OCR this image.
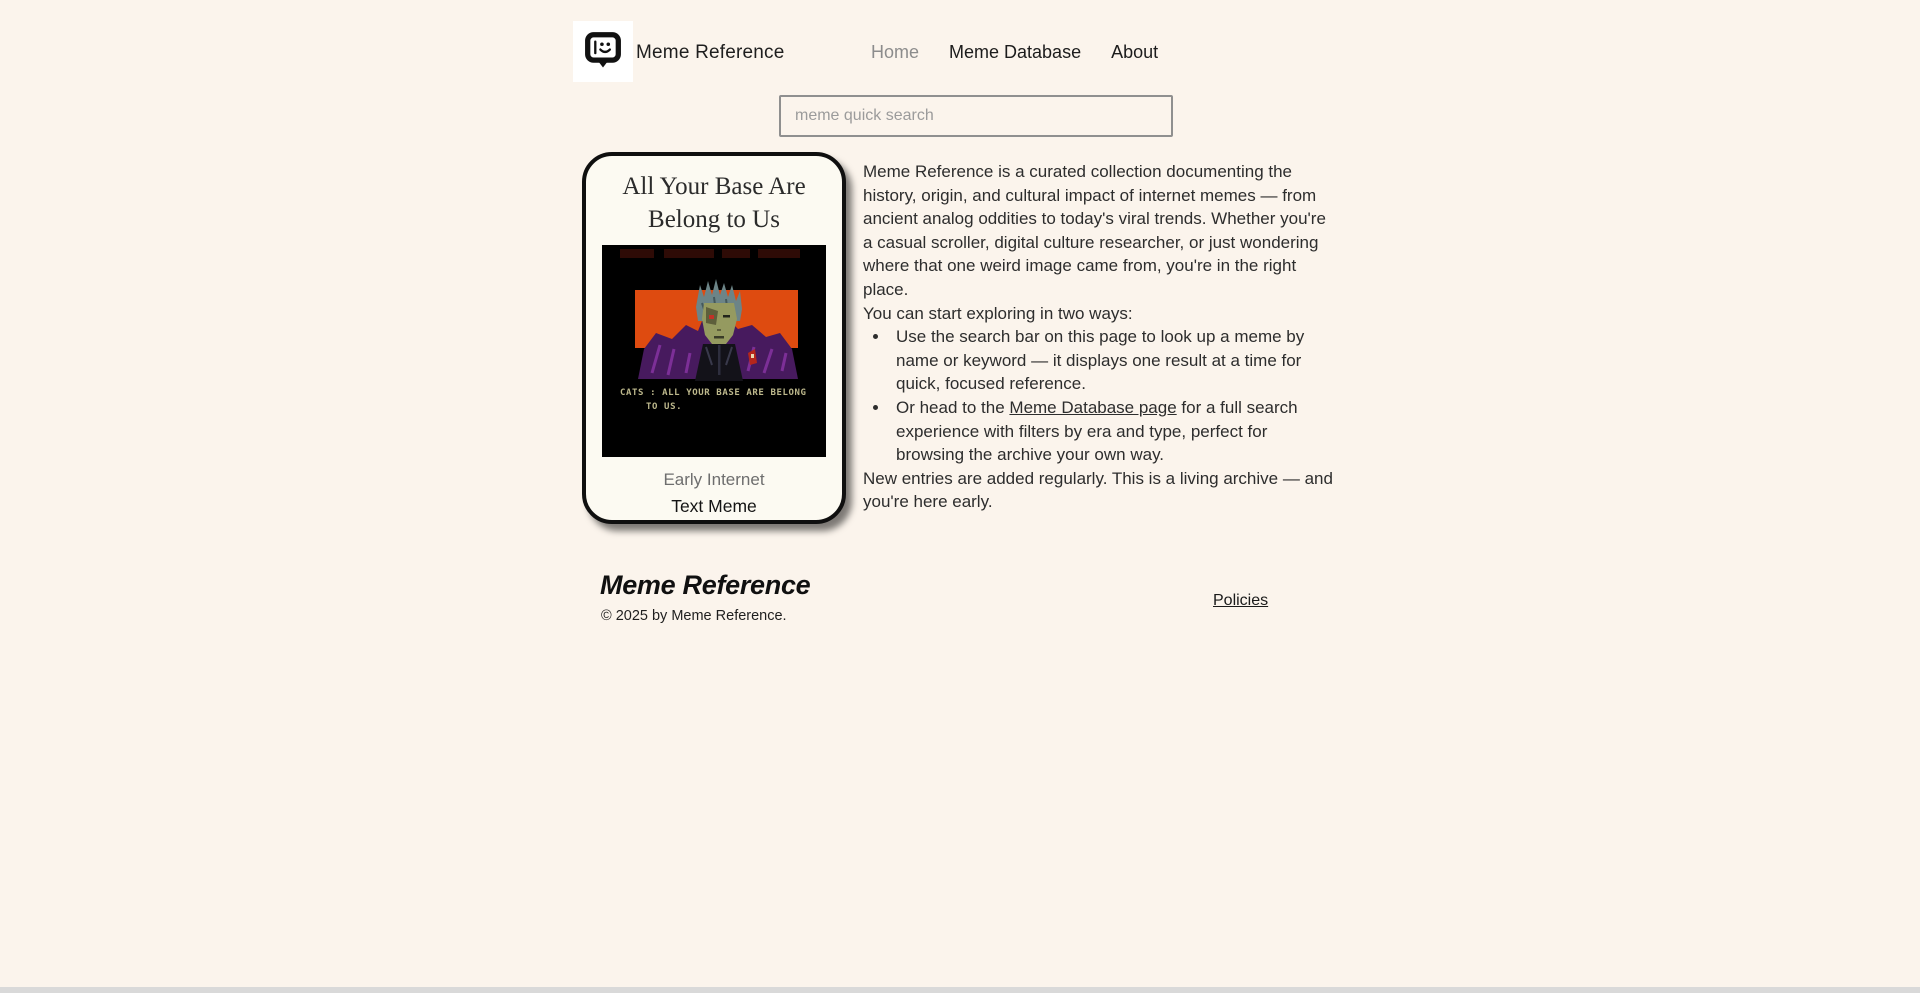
Meme Reference	Home Meme Database About
meme quick search
All Your Base Are Belong to Us
CATS : ALL YOUR BASE ARE BELONG
TO US.
Early Internet
Text Meme
Meme Reference is a curated collection documenting the history, origin, and cultural impact of internet memes — from ancient analog oddities to today's viral trends. Whether you're a casual scroller, digital culture researcher, or just wondering where that one weird image came from, you're in the right place.
You can start exploring in two ways:
• Use the search bar on this page to look up a meme by name or keyword — it displays one result at a time for quick, focused reference.
• Or head to the Meme Database page for a full search experience with filters by era and type, perfect for browsing the archive your own way.
New entries are added regularly. This is a living archive — and you're here early.
Meme Reference
© 2025 by Meme Reference.
Policies
